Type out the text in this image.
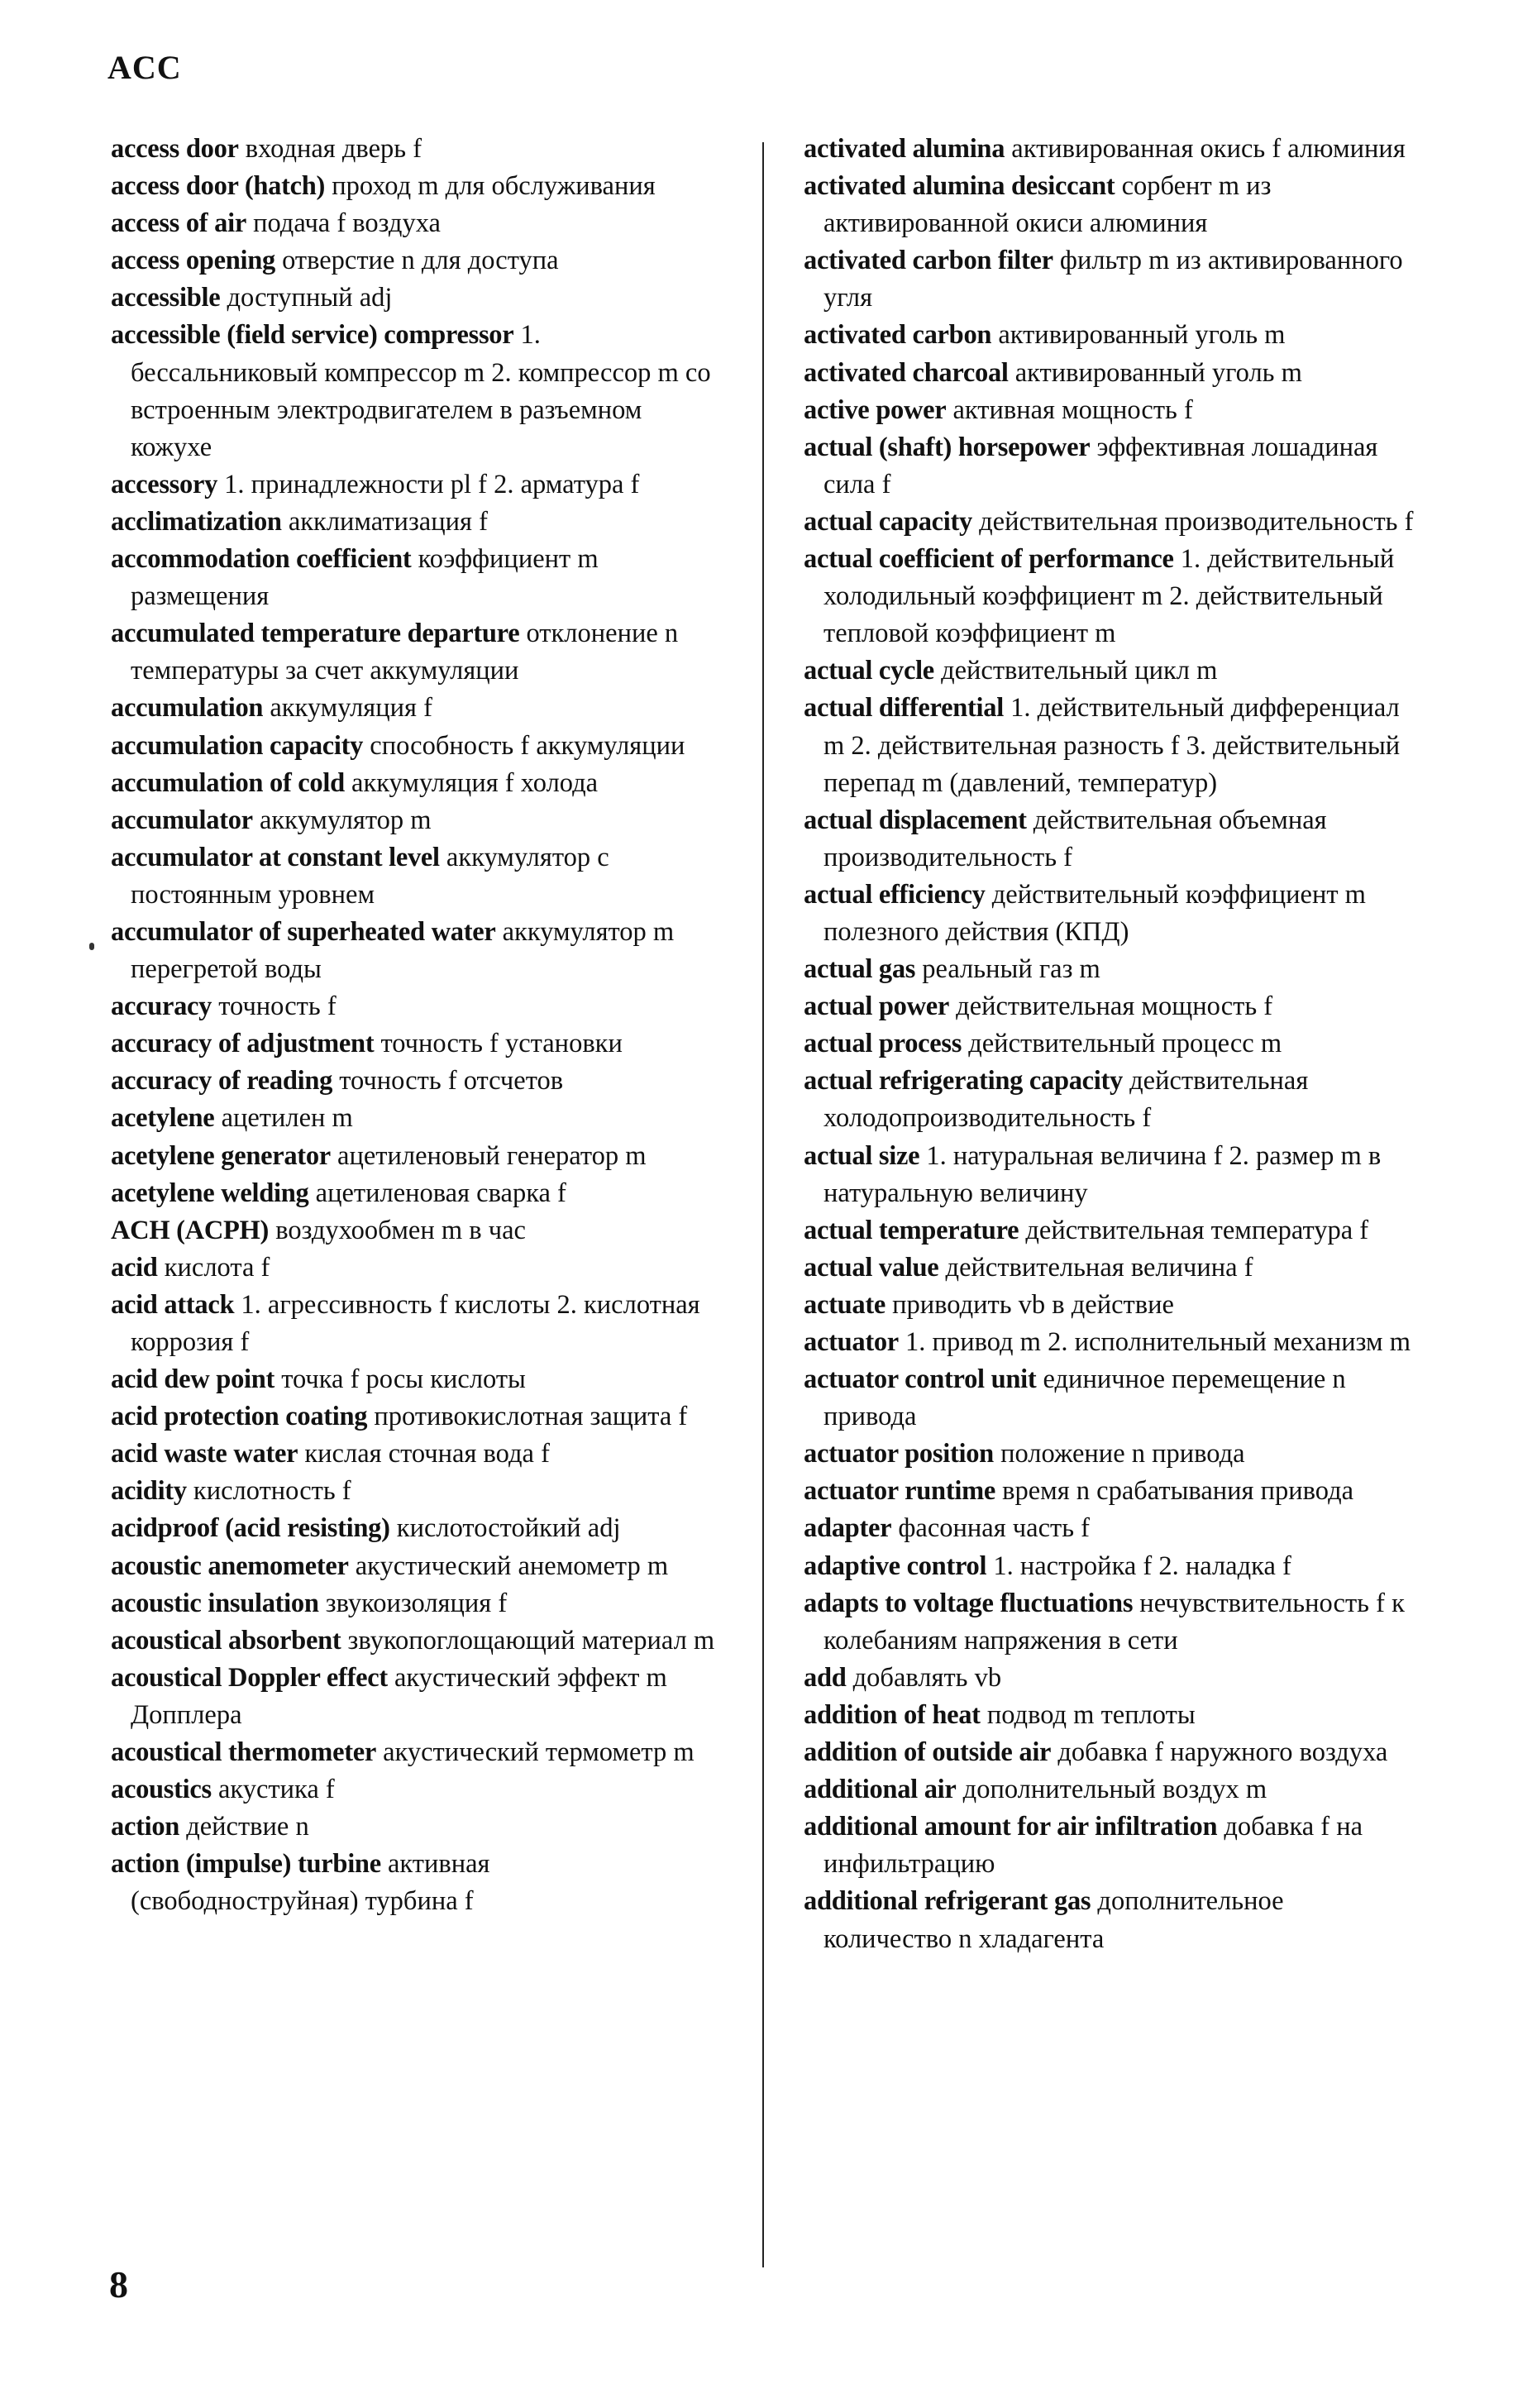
ACC

access door входная дверь f

access door (hatch) проход m для обслуживания

access of air подача f воздуха

access opening отверстие n для доступа

accessible доступный adj

accessible (field service) compressor 1. бессальниковый компрессор m 2. компрессор m со встроенным электродвигателем в разъемном кожухе

accessory 1. принадлежности pl f 2. арматура f

acclimatization акклиматизация f

accommodation coefficient коэффициент m размещения

accumulated temperature departure отклонение n температуры за счет аккумуляции

accumulation аккумуляция f

accumulation capacity способность f аккумуляции

accumulation of cold аккумуляция f холода

accumulator аккумулятор m

accumulator at constant level аккумулятор с постоянным уровнем

accumulator of superheated water аккумулятор m перегретой воды

accuracy точность f

accuracy of adjustment точность f установки

accuracy of reading точность f отсчетов

acetylene ацетилен m

acetylene generator ацетиленовый генератор m

acetylene welding ацетиленовая сварка f

ACH (ACPH) воздухообмен m в час

acid кислота f

acid attack 1. агрессивность f кислоты 2. кислотная коррозия f

acid dew point точка f росы кислоты

acid protection coating противокислотная защита f

acid waste water кислая сточная вода f

acidity кислотность f

acidproof (acid resisting) кислотостойкий adj

acoustic anemometer акустический анемометр m

acoustic insulation звукоизоляция f

acoustical absorbent звукопоглощающий материал m

acoustical Doppler effect акустический эффект m Допплера

acoustical thermometer акустический термометр m

acoustics акустика f

action действие n

action (impulse) turbine активная (свободноструйная) турбина f

activated alumina активированная окись f алюминия

activated alumina desiccant сорбент m из активированной окиси алюминия

activated carbon filter фильтр m из активированного угля

activated carbon активированный уголь m

activated charcoal активированный уголь m

active power активная мощность f

actual (shaft) horsepower эффективная лошадиная сила f

actual capacity действительная производительность f

actual coefficient of performance 1. действительный холодильный коэффициент m 2. действительный тепловой коэффициент m

actual cycle действительный цикл m

actual differential 1. действительный дифференциал m 2. действительная разность f 3. действительный перепад m (давлений, температур)

actual displacement действительная объемная производительность f

actual efficiency действительный коэффициент m полезного действия (КПД)

actual gas реальный газ m

actual power действительная мощность f

actual process действительный процесс m

actual refrigerating capacity действительная холодопроизводительность f

actual size 1. натуральная величина f 2. размер m в натуральную величину

actual temperature действительная температура f

actual value действительная величина f

actuate приводить vb в действие

actuator 1. привод m 2. исполнительный механизм m

actuator control unit единичное перемещение n привода

actuator position положение n привода

actuator runtime время n срабатывания привода

adapter фасонная часть f

adaptive control 1. настройка f 2. наладка f

adapts to voltage fluctuations нечувствительность f к колебаниям напряжения в сети

add добавлять vb

addition of heat подвод m теплоты

addition of outside air добавка f наружного воздуха

additional air дополнительный воздух m

additional amount for air infiltration добавка f на инфильтрацию

additional refrigerant gas дополнительное количество n хладагента

8
